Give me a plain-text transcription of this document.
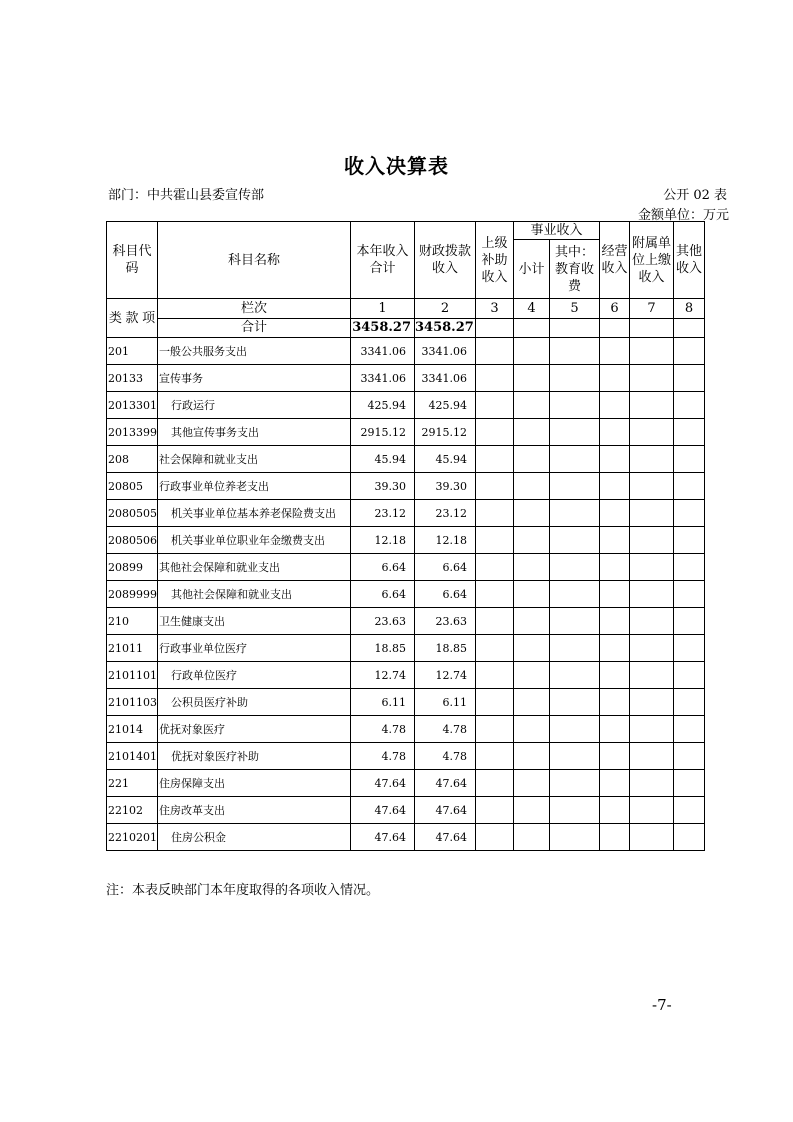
收入决算表
部门：中共霍山县委宣传部	公开 02 表
金额单位：万元
科目代码	科目名称	本年收入合计	财政拨款收入	上级补助收入	事业收入		经营收入	附属单位上缴收入	其他收入
					小计	其中：教育收费			

类 款 项	栏次	1	2	3	4	5	6	7	8
	合计	3458.27	3458.27						
201	一般公共服务支出	3341.06	3341.06						
20133	宣传事务	3341.06	3341.06						
2013301	行政运行	425.94	425.94						
2013399	其他宣传事务支出	2915.12	2915.12						
208	社会保障和就业支出	45.94	45.94						
20805	行政事业单位养老支出	39.30	39.30						
2080505	机关事业单位基本养老保险费支出	23.12	23.12						
2080506	机关事业单位职业年金缴费支出	12.18	12.18						
20899	其他社会保障和就业支出	6.64	6.64						
2089999	其他社会保障和就业支出	6.64	6.64						
210	卫生健康支出	23.63	23.63						
21011	行政事业单位医疗	18.85	18.85						
2101101	行政单位医疗	12.74	12.74						
2101103	公积员医疗补助	6.11	6.11						
21014	优抚对象医疗	4.78	4.78						
2101401	优抚对象医疗补助	4.78	4.78						
221	住房保障支出	47.64	47.64						
22102	住房改革支出	47.64	47.64						
2210201	住房公积金	47.64	47.64						
注：本表反映部门本年度取得的各项收入情况。
-7-
